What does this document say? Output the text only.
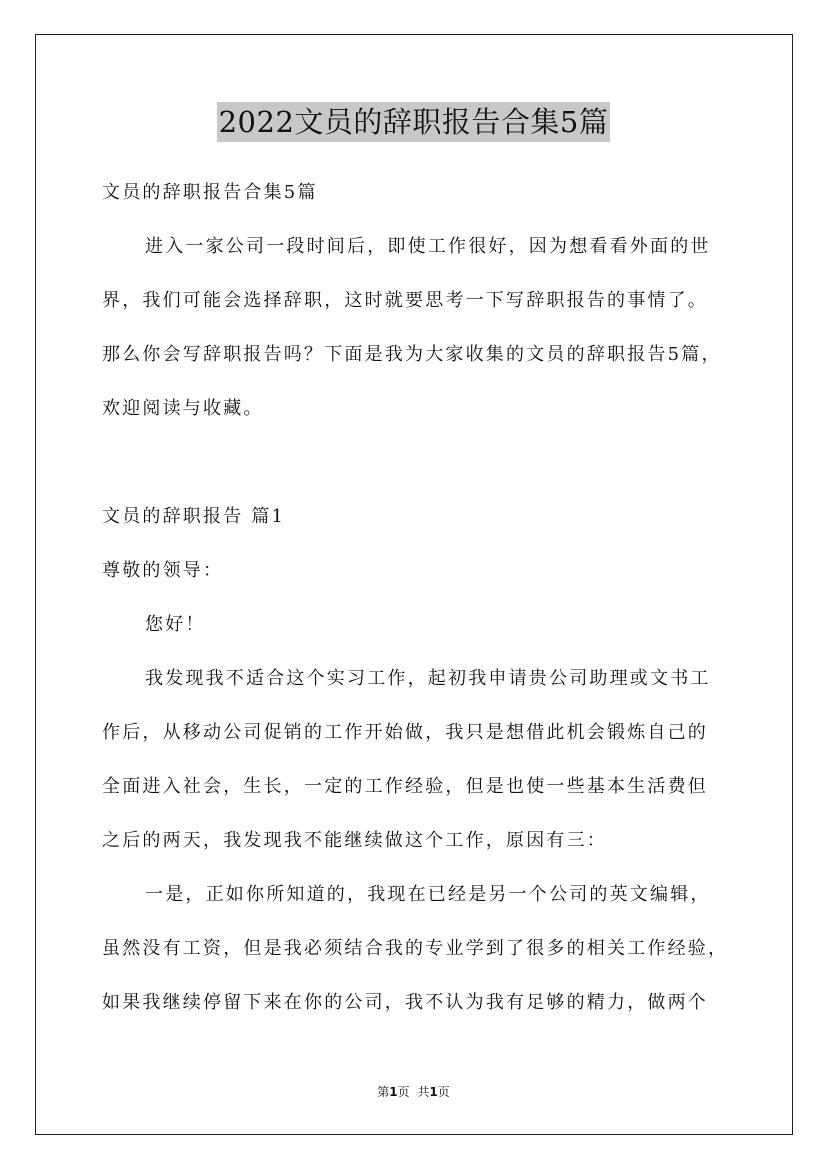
2022文员的辞职报告合集5篇
文员的辞职报告合集5篇
进入一家公司一段时间后，即使工作很好，因为想看看外面的世
界，我们可能会选择辞职，这时就要思考一下写辞职报告的事情了。
那么你会写辞职报告吗？下面是我为大家收集的文员的辞职报告5篇，
欢迎阅读与收藏。
文员的辞职报告 篇1
尊敬的领导：
您好！
我发现我不适合这个实习工作，起初我申请贵公司助理或文书工
作后，从移动公司促销的工作开始做，我只是想借此机会锻炼自己的
全面进入社会，生长，一定的工作经验，但是也使一些基本生活费但
之后的两天，我发现我不能继续做这个工作，原因有三：
一是，正如你所知道的，我现在已经是另一个公司的英文编辑，
虽然没有工资，但是我必须结合我的专业学到了很多的相关工作经验，
如果我继续停留下来在你的公司，我不认为我有足够的精力，做两个
第1页 共1页
